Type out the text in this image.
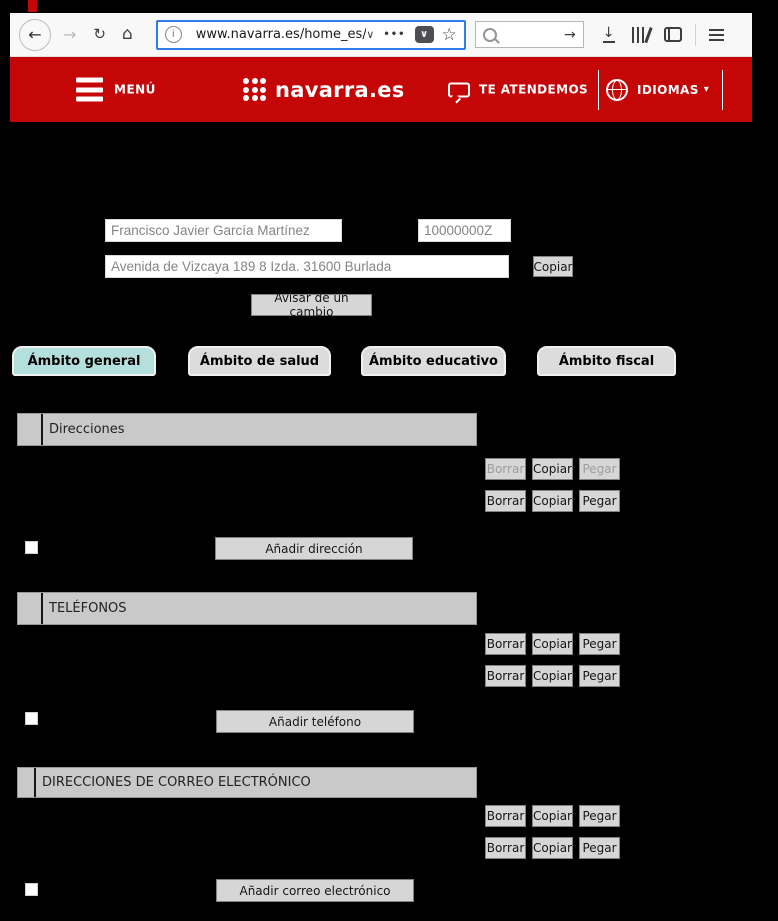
← → ↻ ⌂	i	www.navarra.es/home_es/ ∨ ••• ∨ ☆	→ ↓
MENÚ	navarra.es	TE ATENDEMOS	IDIOMAS ▾
Francisco Javier García Martínez
10000000Z
Avenida de Vizcaya 189 8 Izda. 31600 Burlada
Copiar
Avisar de un cambio
Ámbito general	Ámbito de salud	Ámbito educativo	Ámbito fiscal
Direcciones
Borrar Copiar Pegar
Borrar Copiar Pegar
Añadir dirección
TELÉFONOS
Borrar Copiar Pegar
Borrar Copiar Pegar
Añadir teléfono
DIRECCIONES DE CORREO ELECTRÓNICO
Borrar Copiar Pegar
Borrar Copiar Pegar
Añadir correo electrónico
